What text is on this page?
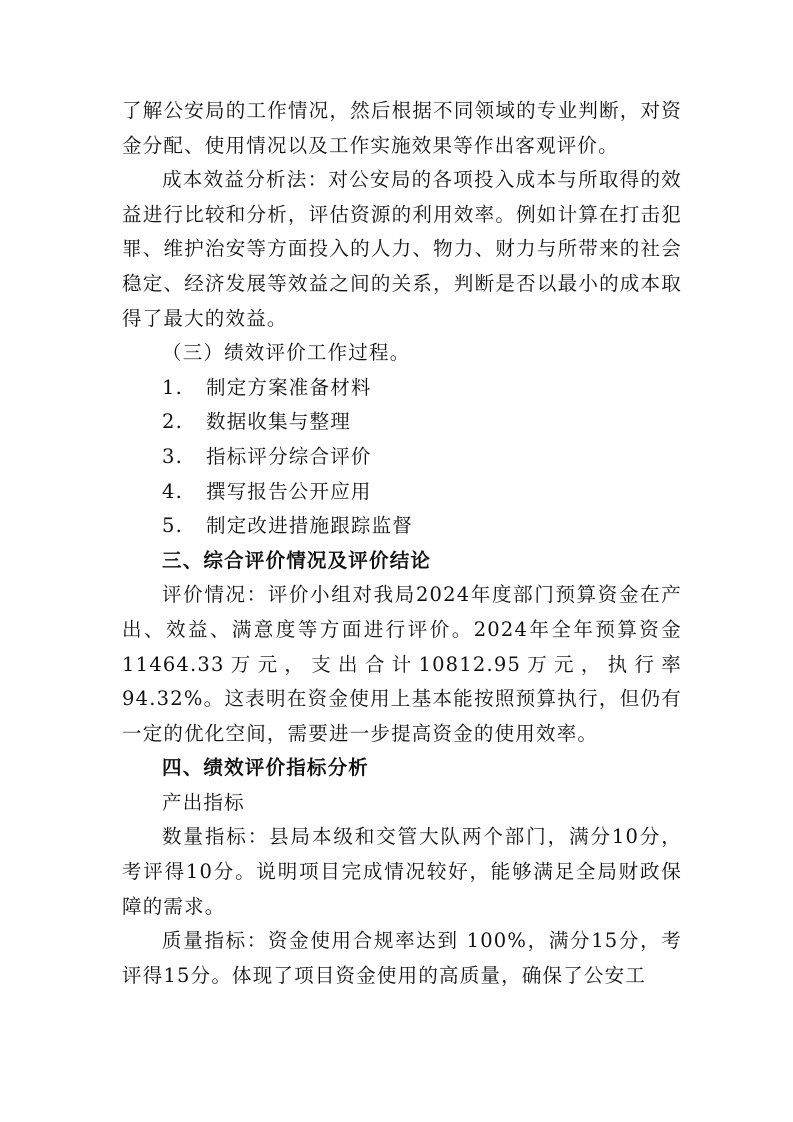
了解公安局的工作情况，然后根据不同领域的专业判断，对资金分配、使用情况以及工作实施效果等作出客观评价。

成本效益分析法：对公安局的各项投入成本与所取得的效益进行比较和分析，评估资源的利用效率。例如计算在打击犯罪、维护治安等方面投入的人力、物力、财力与所带来的社会稳定、经济发展等效益之间的关系，判断是否以最小的成本取得了最大的效益。

（三）绩效评价工作过程。

1. 制定方案准备材料

2. 数据收集与整理

3. 指标评分综合评价

4. 撰写报告公开应用

5. 制定改进措施跟踪监督

三、综合评价情况及评价结论

评价情况：评价小组对我局2024年度部门预算资金在产出、效益、满意度等方面进行评价。2024年全年预算资金11464.33万元，支出合计10812.95万元，执行率 94.32%。这表明在资金使用上基本能按照预算执行，但仍有一定的优化空间，需要进一步提高资金的使用效率。

四、绩效评价指标分析

产出指标

数量指标：县局本级和交管大队两个部门，满分10分，考评得10分。说明项目完成情况较好，能够满足全局财政保障的需求。

质量指标：资金使用合规率达到 100%，满分15分，考评得15分。体现了项目资金使用的高质量，确保了公安工
